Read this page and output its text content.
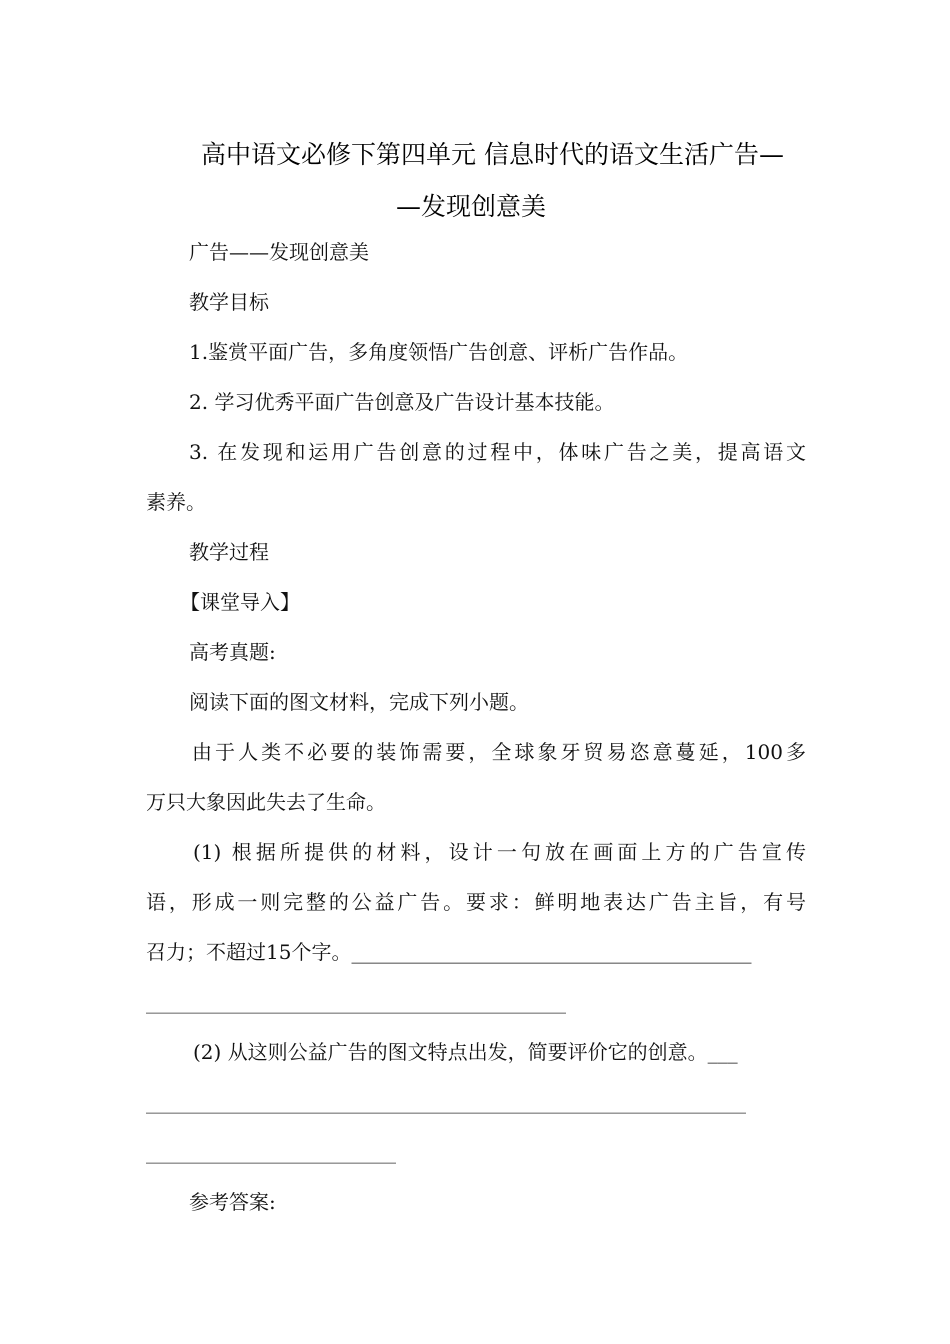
高中语文必修下第四单元 信息时代的语文生活广告—
—发现创意美
广告——发现创意美
教学目标
1.鉴赏平面广告，多角度领悟广告创意、评析广告作品。
2. 学习优秀平面广告创意及广告设计基本技能。
3. 在发现和运用广告创意的过程中，体味广告之美，提高语文
素养。
教学过程
【课堂导入】
高考真题:
阅读下面的图文材料，完成下列小题。
由于人类不必要的装饰需要，全球象牙贸易恣意蔓延，100多
万只大象因此失去了生命。
(1) 根据所提供的材料，设计一句放在画面上方的广告宣传
语，形成一则完整的公益广告。要求：鲜明地表达广告主旨，有号
召力；不超过15个字。________________________________________
__________________________________________
(2) 从这则公益广告的图文特点出发，简要评价它的创意。___
____________________________________________________________
_________________________
参考答案:
